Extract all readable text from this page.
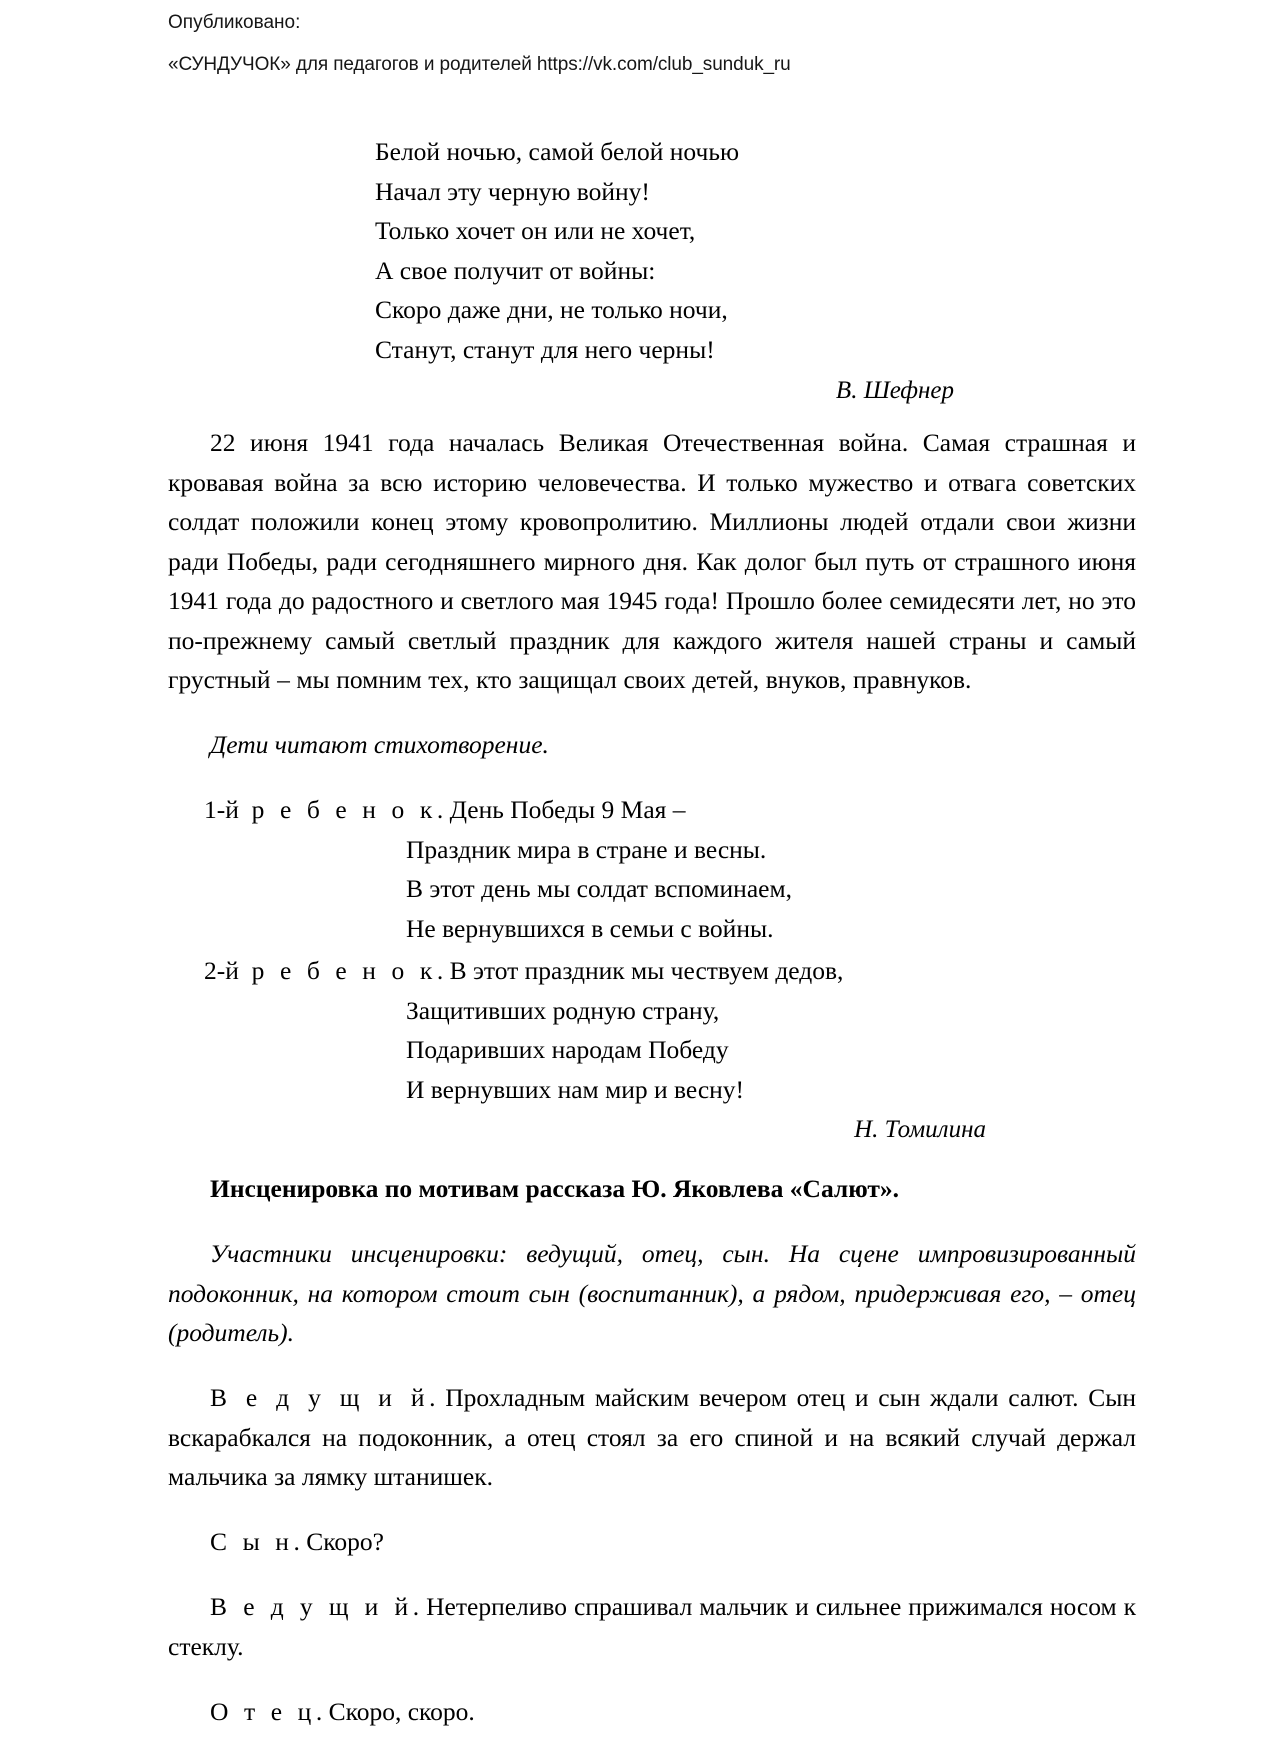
Опубликовано:
«СУНДУЧОК» для педагогов и родителей https://vk.com/club_sunduk_ru
Белой ночью, самой белой ночью
Начал эту черную войну!
Только хочет он или не хочет,
А свое получит от войны:
Скоро даже дни, не только ночи,
Станут, станут для него черны!
В. Шефнер

22 июня 1941 года началась Великая Отечественная война. Самая страшная и кровавая война за всю историю человечества. И только мужество и отвага советских солдат положили конец этому кровопролитию. Миллионы людей отдали свои жизни ради Победы, ради сегодняшнего мирного дня. Как долог был путь от страшного июня 1941 года до радостного и светлого мая 1945 года! Прошло более семидесяти лет, но это по-прежнему самый светлый праздник для каждого жителя нашей страны и самый грустный – мы помним тех, кто защищал своих детей, внуков, правнуков.

Дети читают стихотворение.

1-й р е б е н о к. День Победы 9 Мая –
Праздник мира в стране и весны.
В этот день мы солдат вспоминаем,
Не вернувшихся в семьи с войны.
2-й р е б е н о к. В этот праздник мы чествуем дедов,
Защитивших родную страну,
Подаривших народам Победу
И вернувших нам мир и весну!
Н. Томилина

Инсценировка по мотивам рассказа Ю. Яковлева «Салют».

Участники инсценировки: ведущий, отец, сын. На сцене импровизированный подоконник, на котором стоит сын (воспитанник), а рядом, придерживая его, – отец (родитель).

В е д у щ и й. Прохладным майским вечером отец и сын ждали салют. Сын вскарабкался на подоконник, а отец стоял за его спиной и на всякий случай держал мальчика за лямку штанишек.

С ы н. Скоро?

В е д у щ и й. Нетерпеливо спрашивал мальчик и сильнее прижимался носом к стеклу.

О т е ц. Скоро, скоро.
